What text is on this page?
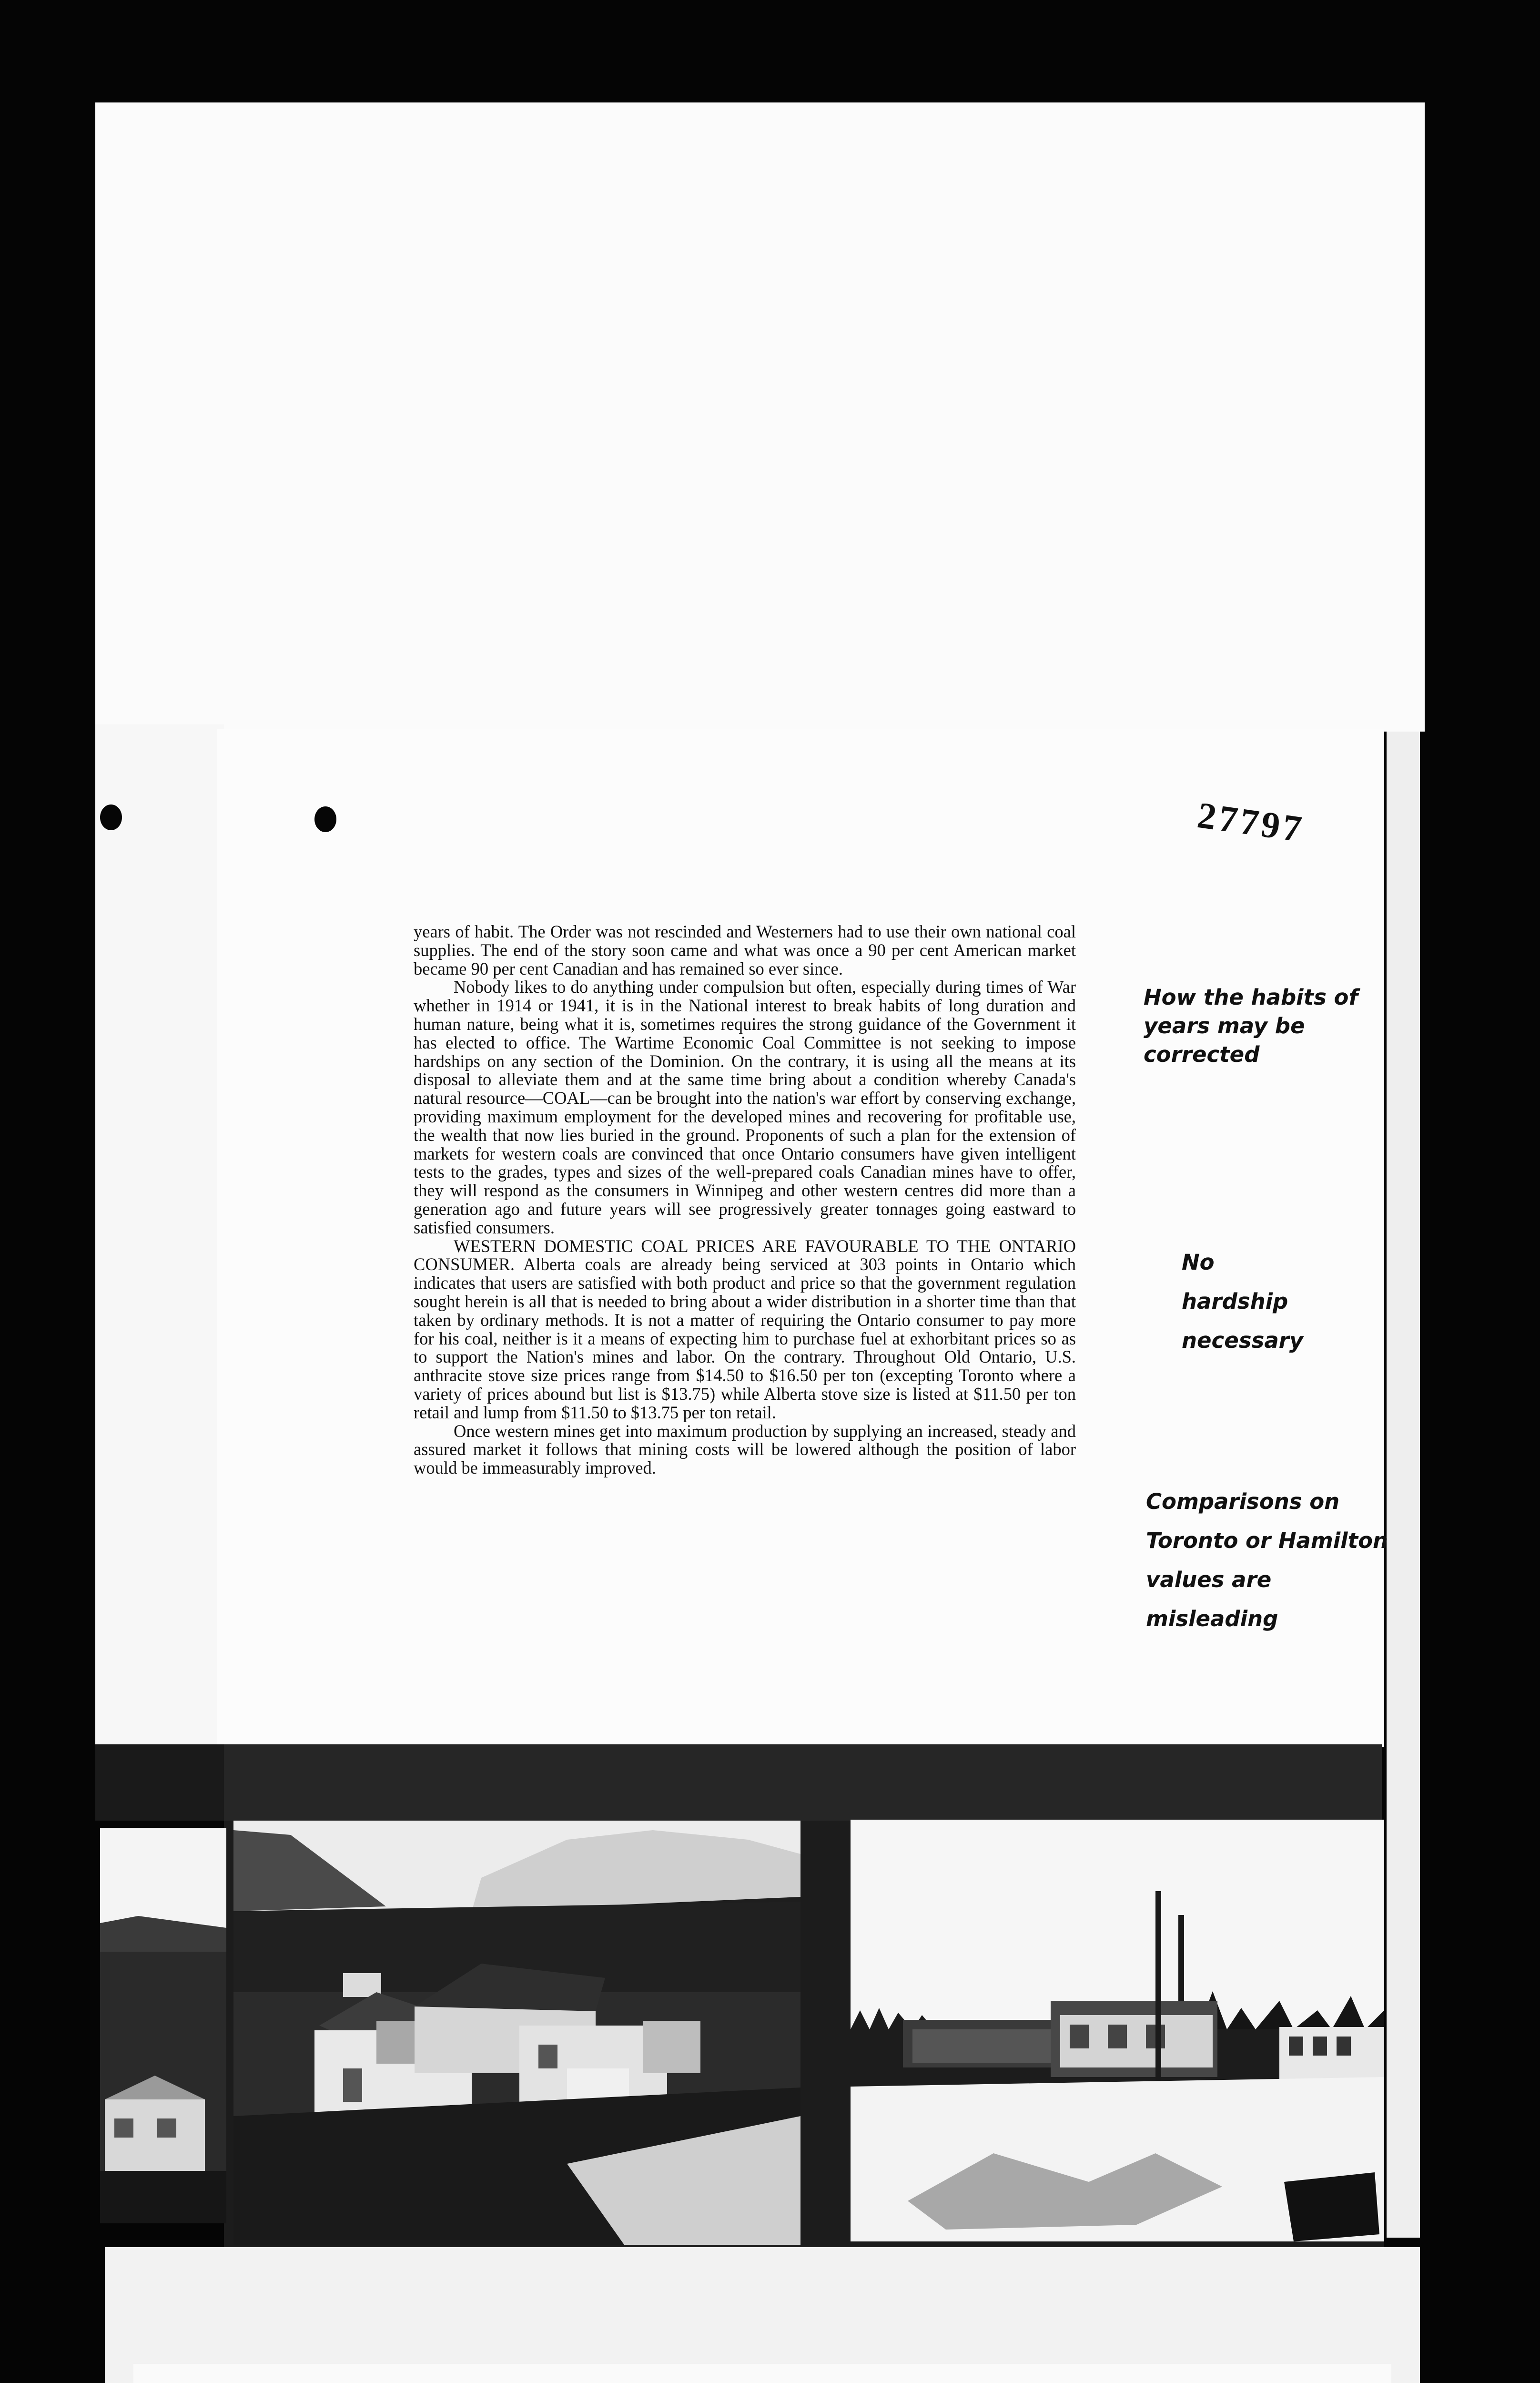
27797

years of habit. The Order was not rescinded and Westerners had to use their own national coal supplies. The end of the story soon came and what was once a 90 per cent American market became 90 per cent Canadian and has remained so ever since.

Nobody likes to do anything under compulsion but often, especially during times of War whether in 1914 or 1941, it is in the National interest to break habits of long duration and human nature, being what it is, sometimes requires the strong guidance of the Government it has elected to office. The Wartime Economic Coal Committee is not seeking to impose hardships on any section of the Dominion. On the contrary, it is using all the means at its disposal to alleviate them and at the same time bring about a condition whereby Canada's natural resource—COAL—can be brought into the nation's war effort by conserving exchange, providing maximum employment for the developed mines and recovering for profitable use, the wealth that now lies buried in the ground. Proponents of such a plan for the extension of markets for western coals are convinced that once Ontario consumers have given intelligent tests to the grades, types and sizes of the well-prepared coals Canadian mines have to offer, they will respond as the consumers in Winnipeg and other western centres did more than a generation ago and future years will see progressively greater tonnages going eastward to satisfied consumers.

WESTERN DOMESTIC COAL PRICES ARE FAVOURABLE TO THE ONTARIO CONSUMER. Alberta coals are already being serviced at 303 points in Ontario which indicates that users are satisfied with both product and price so that the government regulation sought herein is all that is needed to bring about a wider distribution in a shorter time than that taken by ordinary methods. It is not a matter of requiring the Ontario consumer to pay more for his coal, neither is it a means of expecting him to purchase fuel at exhorbitant prices so as to support the Nation's mines and labor. On the contrary. Throughout Old Ontario, U.S. anthracite stove size prices range from $14.50 to $16.50 per ton (excepting Toronto where a variety of prices abound but list is $13.75) while Alberta stove size is listed at $11.50 per ton retail and lump from $11.50 to $13.75 per ton retail.

Once western mines get into maximum production by supplying an increased, steady and assured market it follows that mining costs will be lowered although the position of labor would be immeasurably improved.

How the habits of years may be corrected
No hardship necessary
Comparisons on Toronto or Hamilton values are misleading
